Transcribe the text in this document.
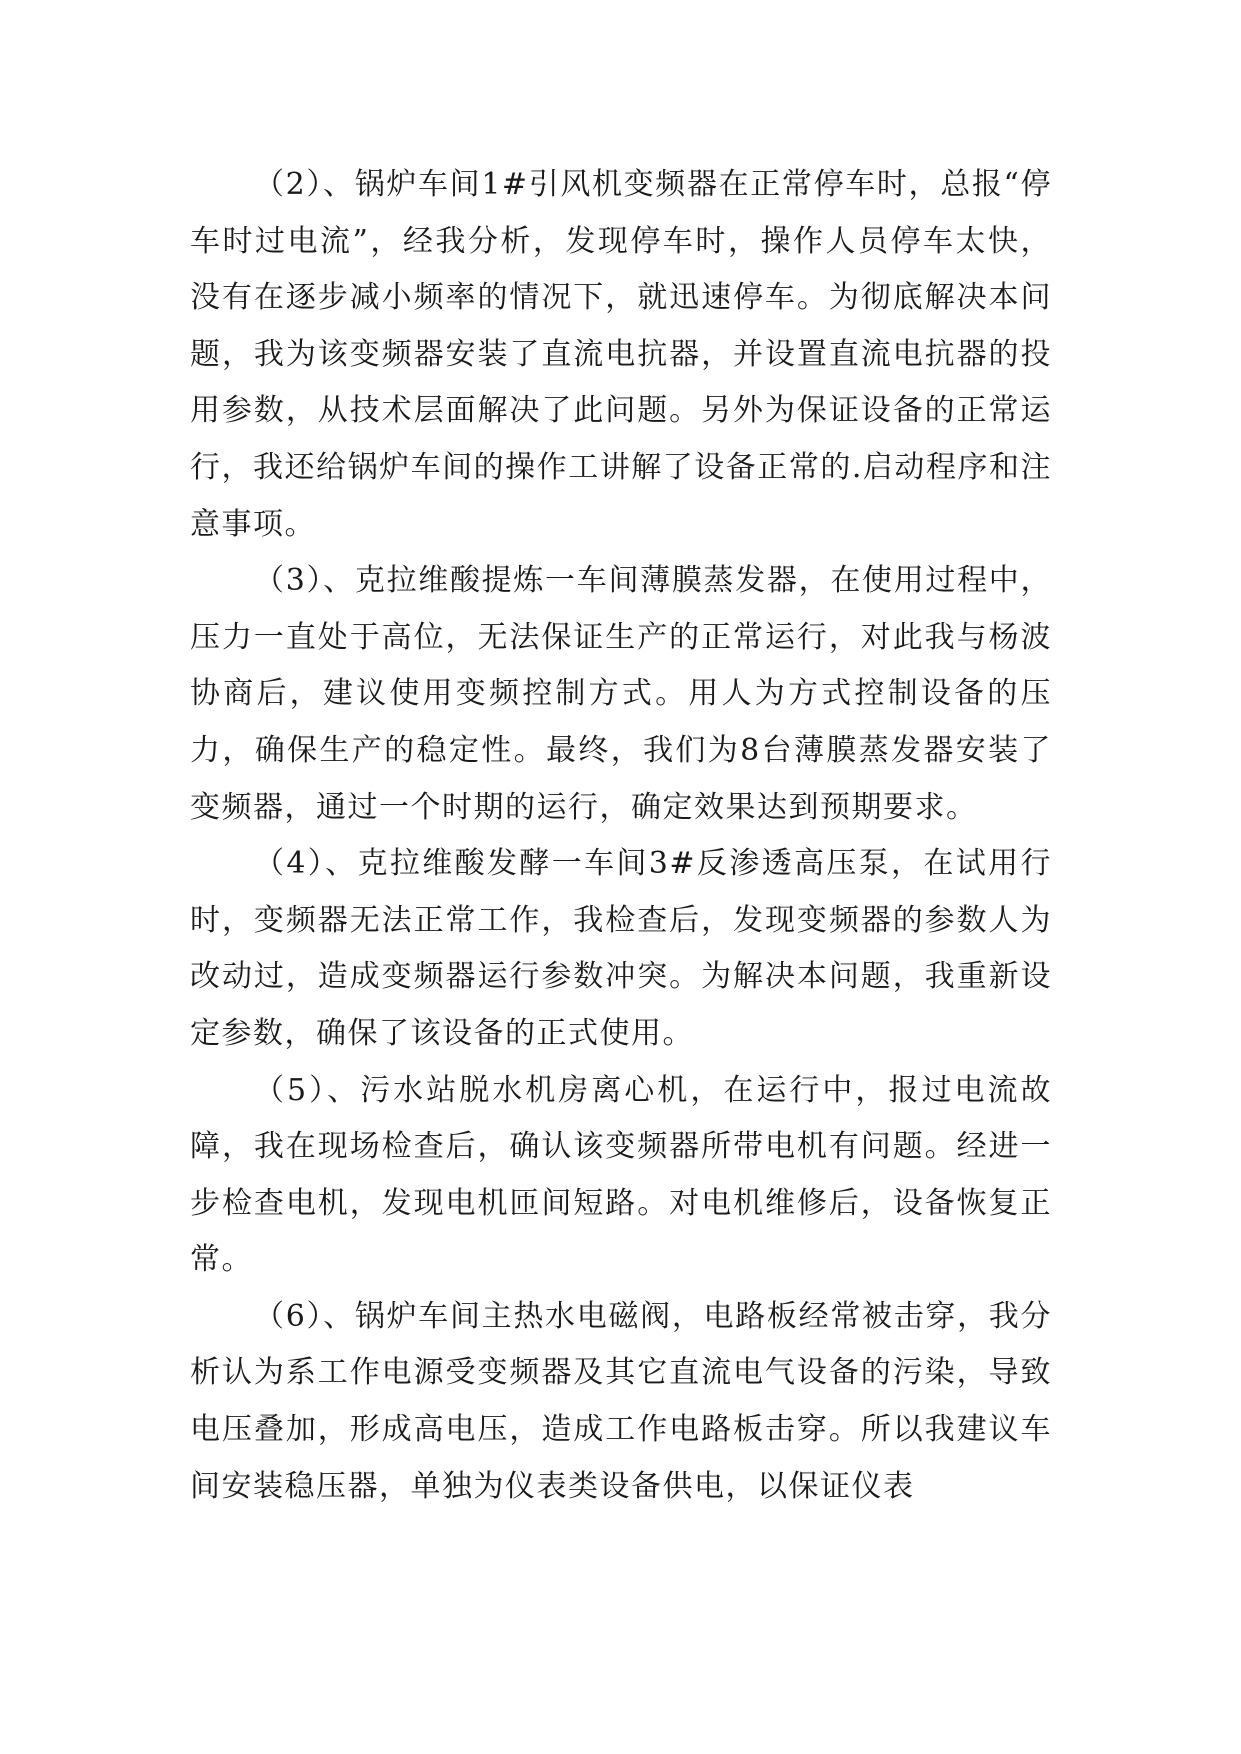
（2）、锅炉车间1#引风机变频器在正常停车时，总报“停车时过电流”，经我分析，发现停车时，操作人员停车太快，没有在逐步减小频率的情况下，就迅速停车。为彻底解决本问题，我为该变频器安装了直流电抗器，并设置直流电抗器的投用参数，从技术层面解决了此问题。另外为保证设备的正常运行，我还给锅炉车间的操作工讲解了设备正常的.启动程序和注意事项。

（3）、克拉维酸提炼一车间薄膜蒸发器，在使用过程中，压力一直处于高位，无法保证生产的正常运行，对此我与杨波协商后，建议使用变频控制方式。用人为方式控制设备的压力，确保生产的稳定性。最终，我们为8台薄膜蒸发器安装了变频器，通过一个时期的运行，确定效果达到预期要求。

（4）、克拉维酸发酵一车间3#反渗透高压泵，在试用行时，变频器无法正常工作，我检查后，发现变频器的参数人为改动过，造成变频器运行参数冲突。为解决本问题，我重新设定参数，确保了该设备的正式使用。

（5）、污水站脱水机房离心机，在运行中，报过电流故障，我在现场检查后，确认该变频器所带电机有问题。经进一步检查电机，发现电机匝间短路。对电机维修后，设备恢复正常。

（6）、锅炉车间主热水电磁阀，电路板经常被击穿，我分析认为系工作电源受变频器及其它直流电气设备的污染，导致电压叠加，形成高电压，造成工作电路板击穿。所以我建议车间安装稳压器，单独为仪表类设备供电，以保证仪表
